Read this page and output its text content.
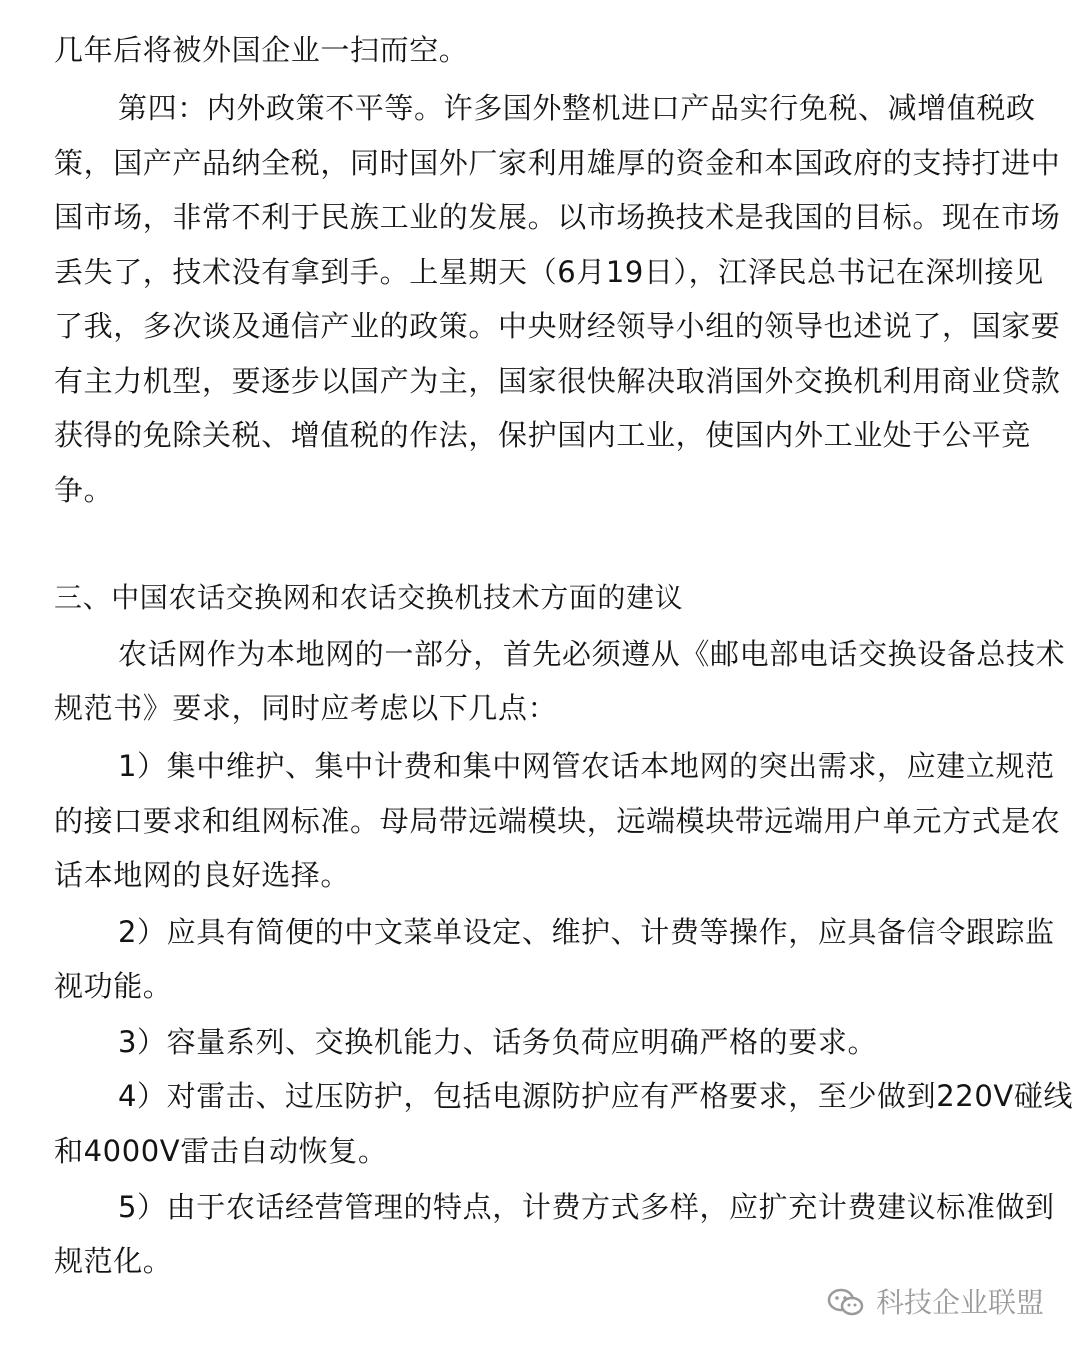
几年后将被外国企业一扫而空。
第四：内外政策不平等。许多国外整机进口产品实行免税、减增值税政
策，国产产品纳全税，同时国外厂家利用雄厚的资金和本国政府的支持打进中
国市场，非常不利于民族工业的发展。以市场换技术是我国的目标。现在市场
丢失了，技术没有拿到手。上星期天（6月19日），江泽民总书记在深圳接见
了我，多次谈及通信产业的政策。中央财经领导小组的领导也述说了，国家要
有主力机型，要逐步以国产为主，国家很快解决取消国外交换机利用商业贷款
获得的免除关税、增值税的作法，保护国内工业，使国内外工业处于公平竞
争。
三、中国农话交换网和农话交换机技术方面的建议
农话网作为本地网的一部分，首先必须遵从《邮电部电话交换设备总技术
规范书》要求，同时应考虑以下几点：
1）集中维护、集中计费和集中网管农话本地网的突出需求，应建立规范
的接口要求和组网标准。母局带远端模块，远端模块带远端用户单元方式是农
话本地网的良好选择。
2）应具有简便的中文菜单设定、维护、计费等操作，应具备信令跟踪监
视功能。
3）容量系列、交换机能力、话务负荷应明确严格的要求。
4）对雷击、过压防护，包括电源防护应有严格要求，至少做到220V碰线
和4000V雷击自动恢复。
5）由于农话经营管理的特点，计费方式多样，应扩充计费建议标准做到
规范化。
科技企业联盟
